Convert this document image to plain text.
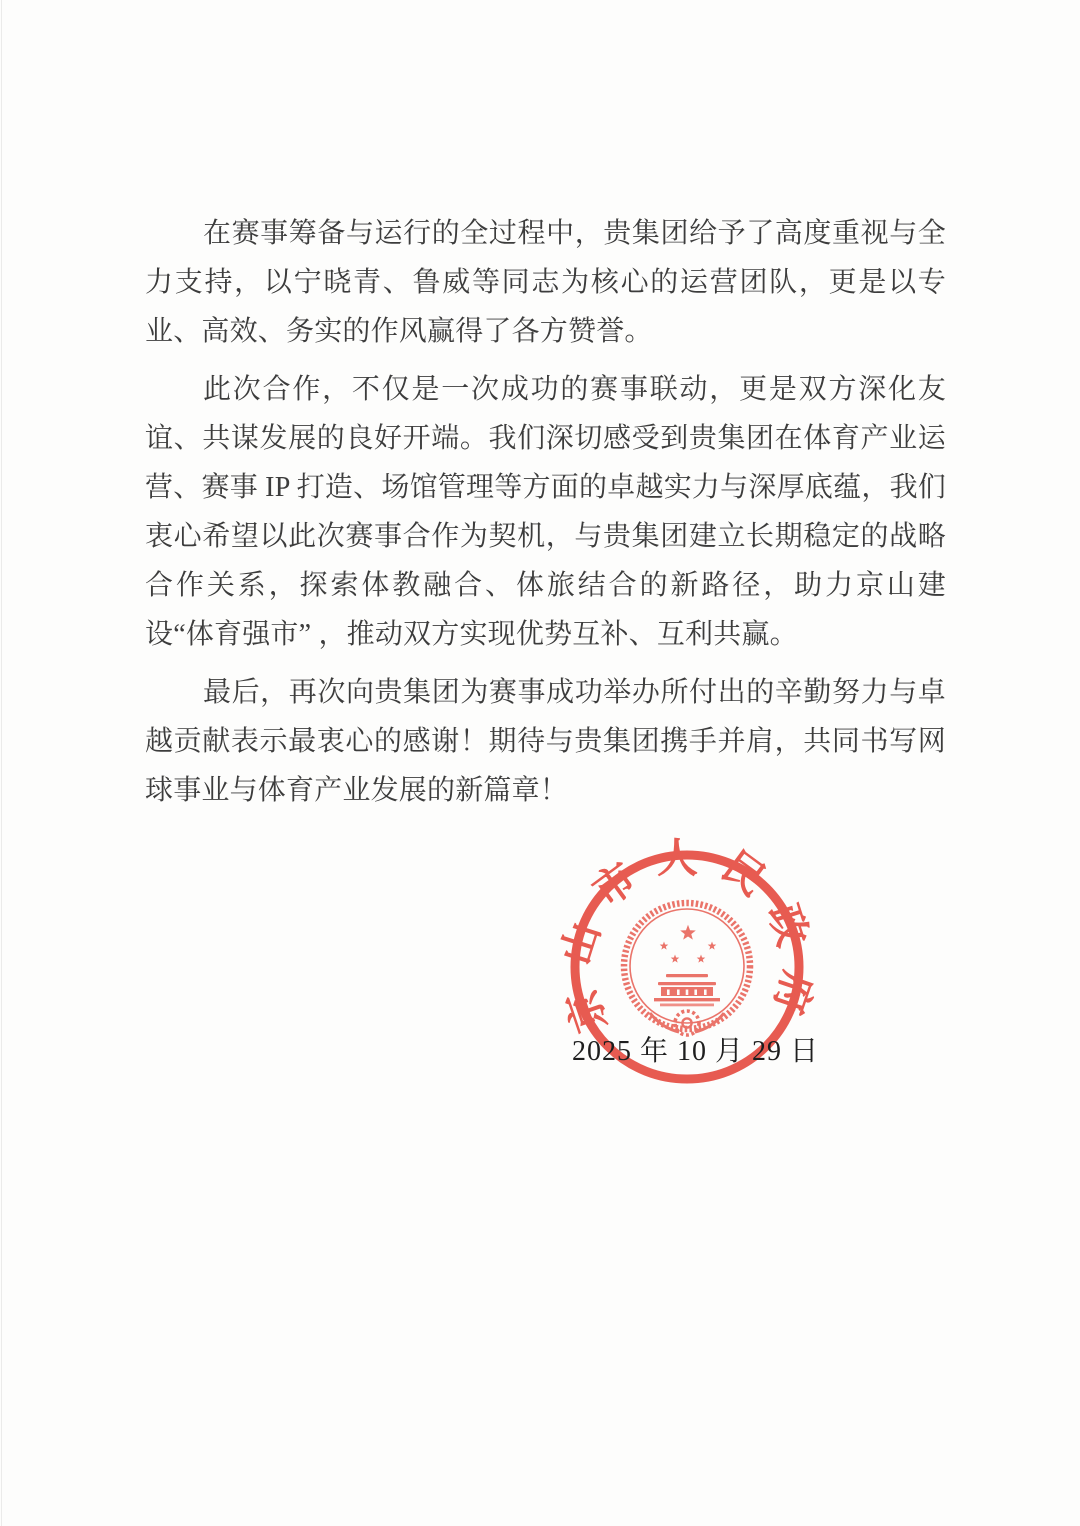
在赛事筹备与运行的全过程中，贵集团给予了高度重视与全力支持，以宁晓青、鲁威等同志为核心的运营团队，更是以专业、高效、务实的作风赢得了各方赞誉。

此次合作，不仅是一次成功的赛事联动，更是双方深化友谊、共谋发展的良好开端。我们深切感受到贵集团在体育产业运营、赛事 IP 打造、场馆管理等方面的卓越实力与深厚底蕴，我们衷心希望以此次赛事合作为契机，与贵集团建立长期稳定的战略合作关系，探索体教融合、体旅结合的新路径，助力京山建设“体育强市” ，推动双方实现优势互补、互利共赢。

最后，再次向贵集团为赛事成功举办所付出的辛勤努力与卓越贡献表示最衷心的感谢！期待与贵集团携手并肩，共同书写网球事业与体育产业发展的新篇章！

京山市人民政府
2025 年 10 月 29 日
